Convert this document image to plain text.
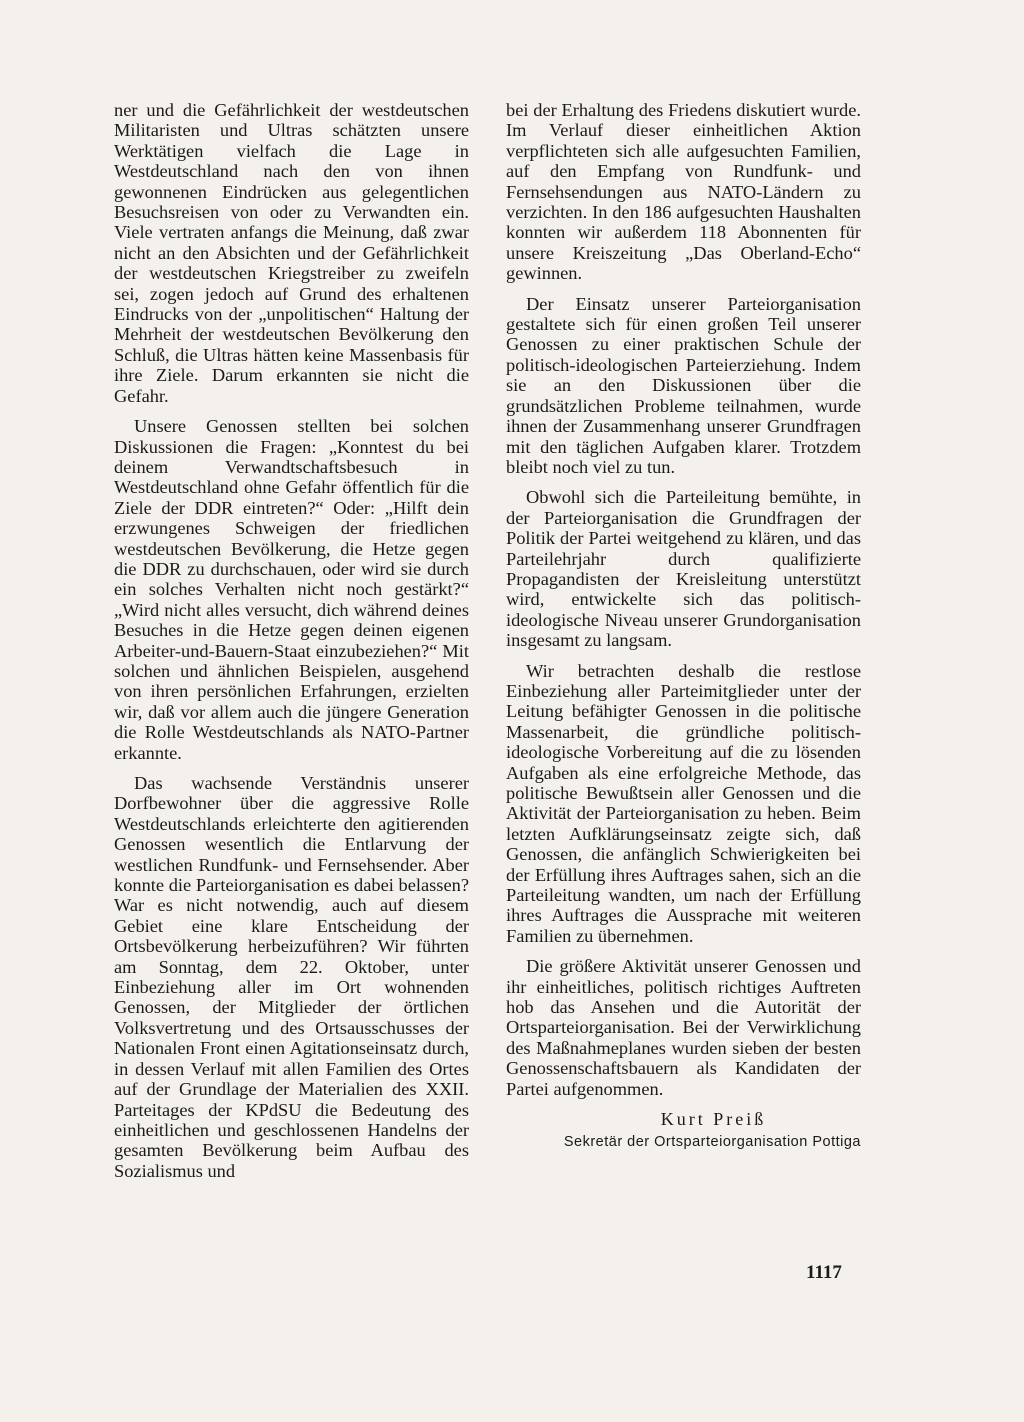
ner und die Gefährlichkeit der westdeutschen Militaristen und Ultras schätzten unsere Werktätigen vielfach die Lage in Westdeutschland nach den von ihnen gewonnenen Eindrücken aus gelegentlichen Besuchsreisen von oder zu Verwandten ein. Viele vertraten anfangs die Meinung, daß zwar nicht an den Absichten und der Gefährlichkeit der westdeutschen Kriegstreiber zu zweifeln sei, zogen jedoch auf Grund des erhaltenen Eindrucks von der „unpolitischen“ Haltung der Mehrheit der westdeutschen Bevölkerung den Schluß, die Ultras hätten keine Massenbasis für ihre Ziele. Darum erkannten sie nicht die Gefahr.

Unsere Genossen stellten bei solchen Diskussionen die Fragen: „Konntest du bei deinem Verwandtschaftsbesuch in Westdeutschland ohne Gefahr öffentlich für die Ziele der DDR eintreten?“ Oder: „Hilft dein erzwungenes Schweigen der friedlichen westdeutschen Bevölkerung, die Hetze gegen die DDR zu durchschauen, oder wird sie durch ein solches Verhalten nicht noch gestärkt?“ „Wird nicht alles versucht, dich während deines Besuches in die Hetze gegen deinen eigenen Arbeiter-und-Bauern-Staat einzubeziehen?“ Mit solchen und ähnlichen Beispielen, ausgehend von ihren persönlichen Erfahrungen, erzielten wir, daß vor allem auch die jüngere Generation die Rolle Westdeutschlands als NATO-Partner erkannte.

Das wachsende Verständnis unserer Dorfbewohner über die aggressive Rolle Westdeutschlands erleichterte den agitierenden Genossen wesentlich die Entlarvung der westlichen Rundfunk- und Fernsehsender. Aber konnte die Parteiorganisation es dabei belassen? War es nicht notwendig, auch auf diesem Gebiet eine klare Entscheidung der Ortsbevölkerung herbeizuführen? Wir führten am Sonntag, dem 22. Oktober, unter Einbeziehung aller im Ort wohnenden Genossen, der Mitglieder der örtlichen Volksvertretung und des Ortsausschusses der Nationalen Front einen Agitationseinsatz durch, in dessen Verlauf mit allen Familien des Ortes auf der Grundlage der Materialien des XXII. Parteitages der KPdSU die Bedeutung des einheitlichen und geschlossenen Handelns der gesamten Bevölkerung beim Aufbau des Sozialismus und

bei der Erhaltung des Friedens diskutiert wurde. Im Verlauf dieser einheitlichen Aktion verpflichteten sich alle aufgesuchten Familien, auf den Empfang von Rundfunk- und Fernsehsendungen aus NATO-Ländern zu verzichten. In den 186 aufgesuchten Haushalten konnten wir außerdem 118 Abonnenten für unsere Kreiszeitung „Das Oberland-Echo“ gewinnen.

Der Einsatz unserer Parteiorganisation gestaltete sich für einen großen Teil unserer Genossen zu einer praktischen Schule der politisch-ideologischen Parteierziehung. Indem sie an den Diskussionen über die grundsätzlichen Probleme teilnahmen, wurde ihnen der Zusammenhang unserer Grundfragen mit den täglichen Aufgaben klarer. Trotzdem bleibt noch viel zu tun.

Obwohl sich die Parteileitung bemühte, in der Parteiorganisation die Grundfragen der Politik der Partei weitgehend zu klären, und das Parteilehrjahr durch qualifizierte Propagandisten der Kreisleitung unterstützt wird, entwickelte sich das politisch-ideologische Niveau unserer Grundorganisation insgesamt zu langsam.

Wir betrachten deshalb die restlose Einbeziehung aller Parteimitglieder unter der Leitung befähigter Genossen in die politische Massenarbeit, die gründliche politisch-ideologische Vorbereitung auf die zu lösenden Aufgaben als eine erfolgreiche Methode, das politische Bewußtsein aller Genossen und die Aktivität der Parteiorganisation zu heben. Beim letzten Aufklärungseinsatz zeigte sich, daß Genossen, die anfänglich Schwierigkeiten bei der Erfüllung ihres Auftrages sahen, sich an die Parteileitung wandten, um nach der Erfüllung ihres Auftrages die Aussprache mit weiteren Familien zu übernehmen.

Die größere Aktivität unserer Genossen und ihr einheitliches, politisch richtiges Auftreten hob das Ansehen und die Autorität der Ortsparteiorganisation. Bei der Verwirklichung des Maßnahmeplanes wurden sieben der besten Genossenschaftsbauern als Kandidaten der Partei aufgenommen.

Kurt Preiß
Sekretär der Ortsparteiorganisation Pottiga
1117
